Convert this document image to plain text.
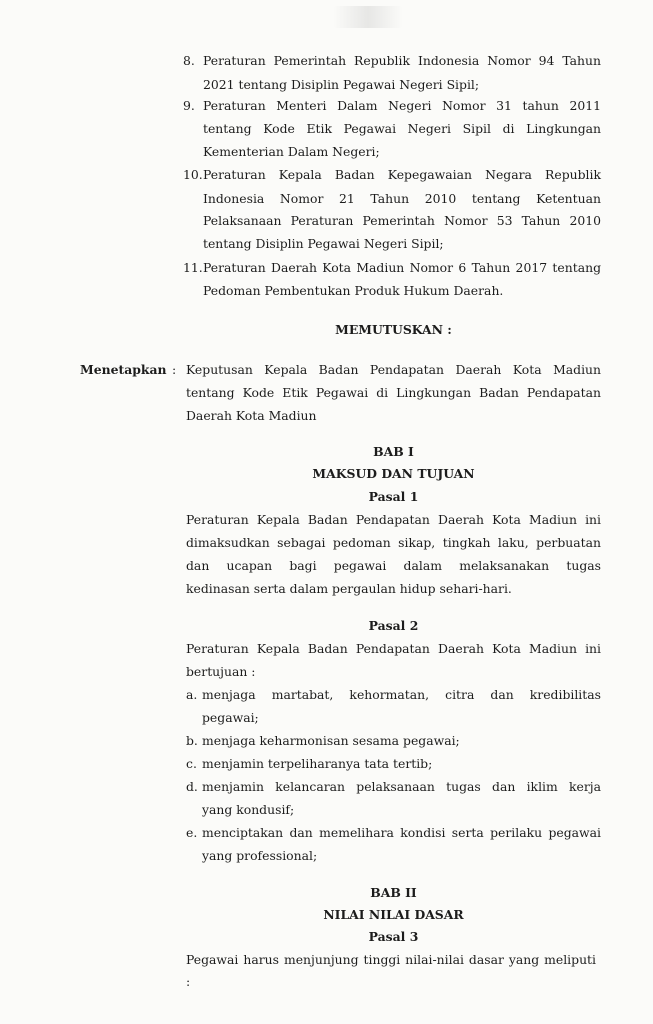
8. Peraturan Pemerintah Republik Indonesia Nomor 94 Tahun
2021 tentang Disiplin Pegawai Negeri Sipil;
9. Peraturan Menteri Dalam Negeri Nomor 31 tahun 2011
tentang Kode Etik Pegawai Negeri Sipil di Lingkungan
Kementerian Dalam Negeri;
10. Peraturan Kepala Badan Kepegawaian Negara Republik
Indonesia Nomor 21 Tahun 2010 tentang Ketentuan
Pelaksanaan Peraturan Pemerintah Nomor 53 Tahun 2010
tentang Disiplin Pegawai Negeri Sipil;
11. Peraturan Daerah Kota Madiun Nomor 6 Tahun 2017 tentang
Pedoman Pembentukan Produk Hukum Daerah.
MEMUTUSKAN :
Menetapkan : Keputusan Kepala Badan Pendapatan Daerah Kota Madiun
tentang Kode Etik Pegawai di Lingkungan Badan Pendapatan
Daerah Kota Madiun
BAB I
MAKSUD DAN TUJUAN
Pasal 1
Peraturan Kepala Badan Pendapatan Daerah Kota Madiun ini
dimaksudkan sebagai pedoman sikap, tingkah laku, perbuatan
dan ucapan bagi pegawai dalam melaksanakan tugas
kedinasan serta dalam pergaulan hidup sehari-hari.
Pasal 2
Peraturan Kepala Badan Pendapatan Daerah Kota Madiun ini
bertujuan :
a. menjaga martabat, kehormatan, citra dan kredibilitas
pegawai;
b. menjaga keharmonisan sesama pegawai;
c. menjamin terpeliharanya tata tertib;
d. menjamin kelancaran pelaksanaan tugas dan iklim kerja
yang kondusif;
e. menciptakan dan memelihara kondisi serta perilaku pegawai
yang professional;
BAB II
NILAI NILAI DASAR
Pasal 3
Pegawai harus menjunjung tinggi nilai-nilai dasar yang meliputi
:
